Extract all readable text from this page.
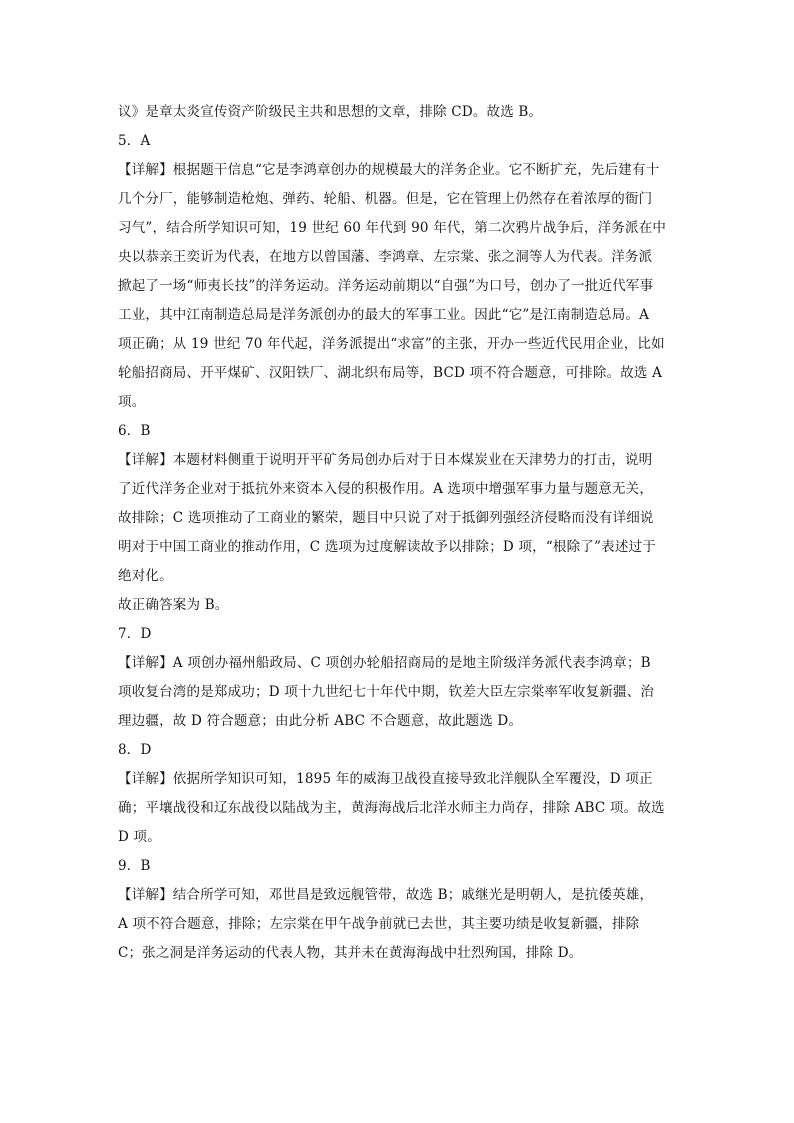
议》是章太炎宣传资产阶级民主共和思想的文章，排除 CD。故选 B。
5．A
【详解】根据题干信息“它是李鸿章创办的规模最大的洋务企业。它不断扩充，先后建有十
几个分厂，能够制造枪炮、弹药、轮船、机器。但是，它在管理上仍然存在着浓厚的衙门
习气”，结合所学知识可知，19 世纪 60 年代到 90 年代，第二次鸦片战争后，洋务派在中
央以恭亲王奕䜣为代表，在地方以曾国藩、李鸿章、左宗棠、张之洞等人为代表。洋务派
掀起了一场“师夷长技”的洋务运动。洋务运动前期以“自强”为口号，创办了一批近代军事
工业，其中江南制造总局是洋务派创办的最大的军事工业。因此“它”是江南制造总局。A
项正确；从 19 世纪 70 年代起，洋务派提出“求富”的主张，开办一些近代民用企业，比如
轮船招商局、开平煤矿、汉阳铁厂、湖北织布局等，BCD 项不符合题意，可排除。故选 A
项。
6．B
【详解】本题材料侧重于说明开平矿务局创办后对于日本煤炭业在天津势力的打击，说明
了近代洋务企业对于抵抗外来资本入侵的积极作用。A 选项中增强军事力量与题意无关，
故排除；C 选项推动了工商业的繁荣，题目中只说了对于抵御列强经济侵略而没有详细说
明对于中国工商业的推动作用，C 选项为过度解读故予以排除；D 项，“根除了”表述过于
绝对化。
故正确答案为 B。
7．D
【详解】A 项创办福州船政局、C 项创办轮船招商局的是地主阶级洋务派代表李鸿章；B
项收复台湾的是郑成功；D 项十九世纪七十年代中期，钦差大臣左宗棠率军收复新疆、治
理边疆，故 D 符合题意；由此分析 ABC 不合题意，故此题选 D。
8．D
【详解】依据所学知识可知，1895 年的威海卫战役直接导致北洋舰队全军覆没，D 项正
确；平壤战役和辽东战役以陆战为主，黄海海战后北洋水师主力尚存，排除 ABC 项。故选
D 项。
9．B
【详解】结合所学可知，邓世昌是致远舰管带，故选 B；戚继光是明朝人，是抗倭英雄，
A 项不符合题意，排除；左宗棠在甲午战争前就已去世，其主要功绩是收复新疆，排除
C；张之洞是洋务运动的代表人物，其并未在黄海海战中壮烈殉国，排除 D。
